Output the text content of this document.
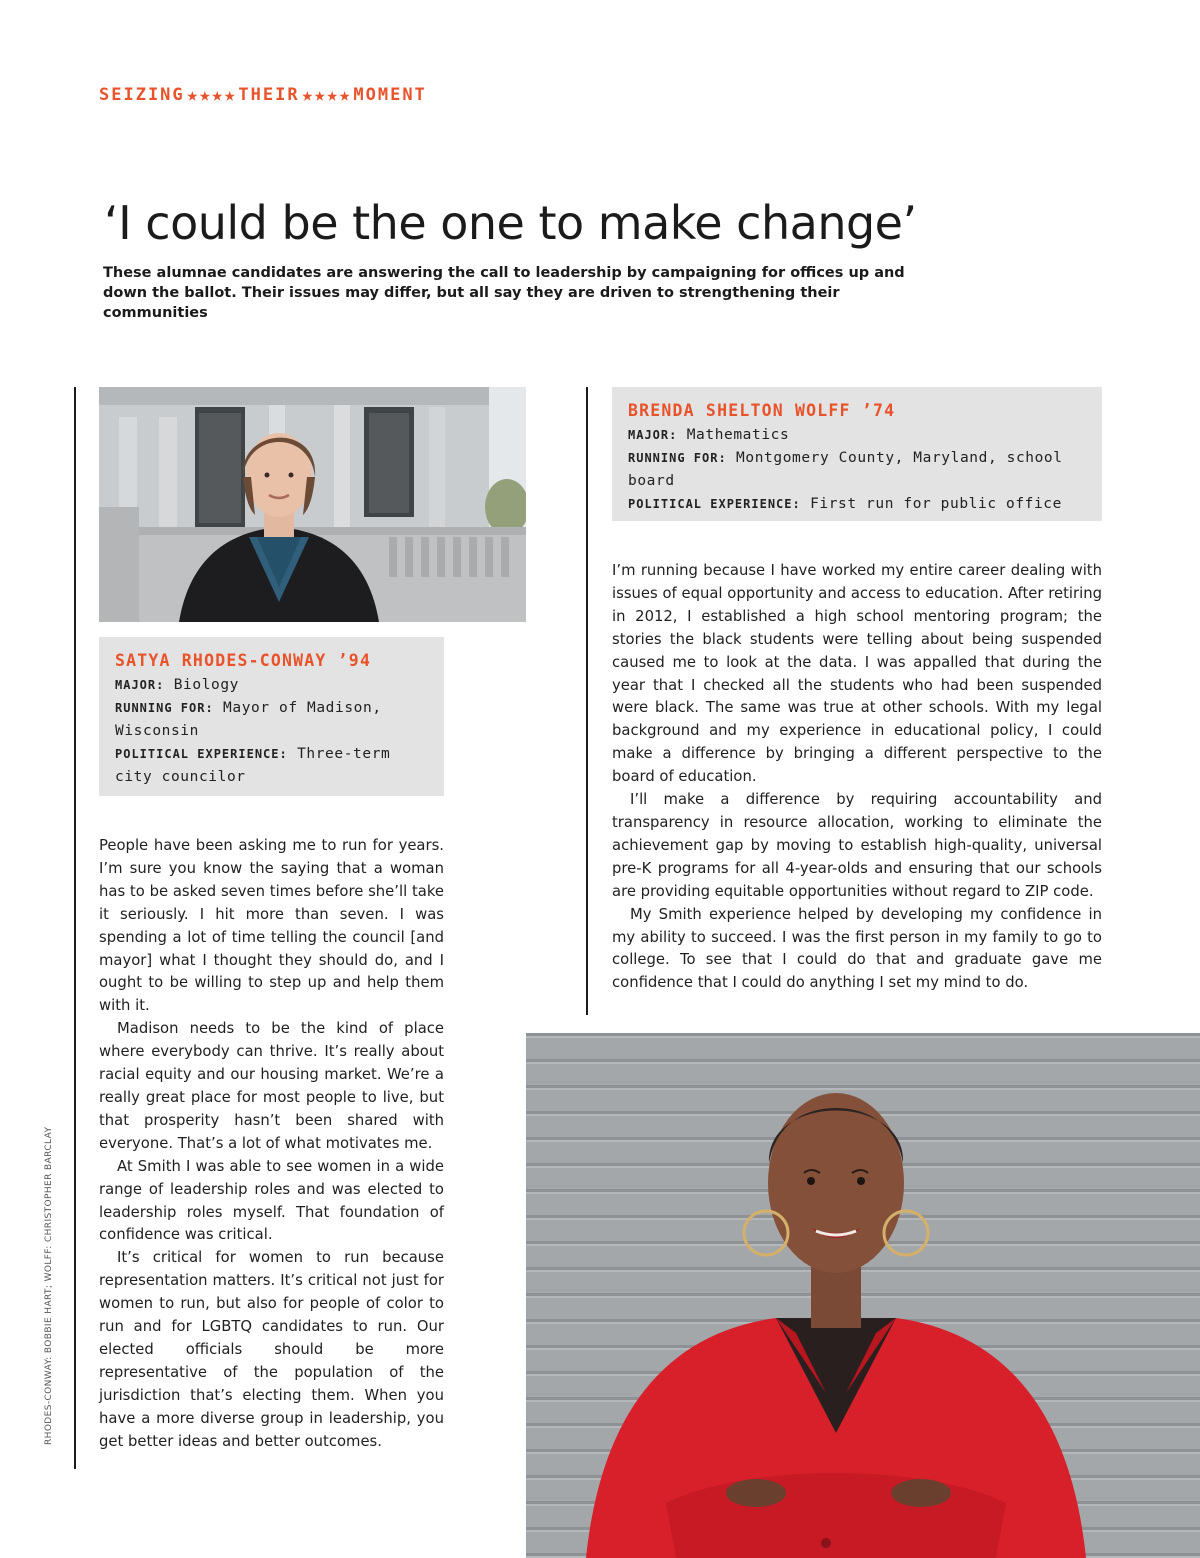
SEIZING ★★★★ THEIR ★★★★ MOMENT
‘I could be the one to make change’
These alumnae candidates are answering the call to leadership by campaigning for offices up and down the ballot. Their issues may differ, but all say they are driven to strengthening their communities
SATYA RHODES-CONWAY ’94

MAJOR: Biology

RUNNING FOR: Mayor of Madison, Wisconsin

POLITICAL EXPERIENCE: Three-term city councilor

People have been asking me to run for years. I’m sure you know the saying that a woman has to be asked seven times before she’ll take it seriously. I hit more than seven. I was spending a lot of time telling the council [and mayor] what I thought they should do, and I ought to be willing to step up and help them with it.

Madison needs to be the kind of place where everybody can thrive. It’s really about racial equity and our housing market. We’re a really great place for most people to live, but that prosperity hasn’t been shared with everyone. That’s a lot of what motivates me.

At Smith I was able to see women in a wide range of leadership roles and was elected to leadership roles myself. That foundation of confidence was critical.

It’s critical for women to run because representation matters. It’s critical not just for women to run, but also for people of color to run and for LGBTQ candidates to run. Our elected officials should be more representative of the population of the jurisdiction that’s electing them. When you have a more diverse group in leadership, you get better ideas and better outcomes.

BRENDA SHELTON WOLFF ’74

MAJOR: Mathematics

RUNNING FOR: Montgomery County, Maryland, school board

POLITICAL EXPERIENCE: First run for public office

I’m running because I have worked my entire career dealing with issues of equal opportunity and access to education. After retiring in 2012, I established a high school mentoring program; the stories the black students were telling about being suspended caused me to look at the data. I was appalled that during the year that I checked all the students who had been suspended were black. The same was true at other schools. With my legal background and my experience in educational policy, I could make a difference by bringing a different perspective to the board of education.

I’ll make a difference by requiring accountability and transparency in resource allocation, working to eliminate the achievement gap by moving to establish high-quality, universal pre-K programs for all 4-year-olds and ensuring that our schools are providing equitable opportunities without regard to ZIP code.

My Smith experience helped by developing my confidence in my ability to succeed. I was the first person in my family to go to college. To see that I could do that and graduate gave me confidence that I could do anything I set my mind to do.

RHODES-CONWAY: BOBBIE HART; WOLFF: CHRISTOPHER BARCLAY
